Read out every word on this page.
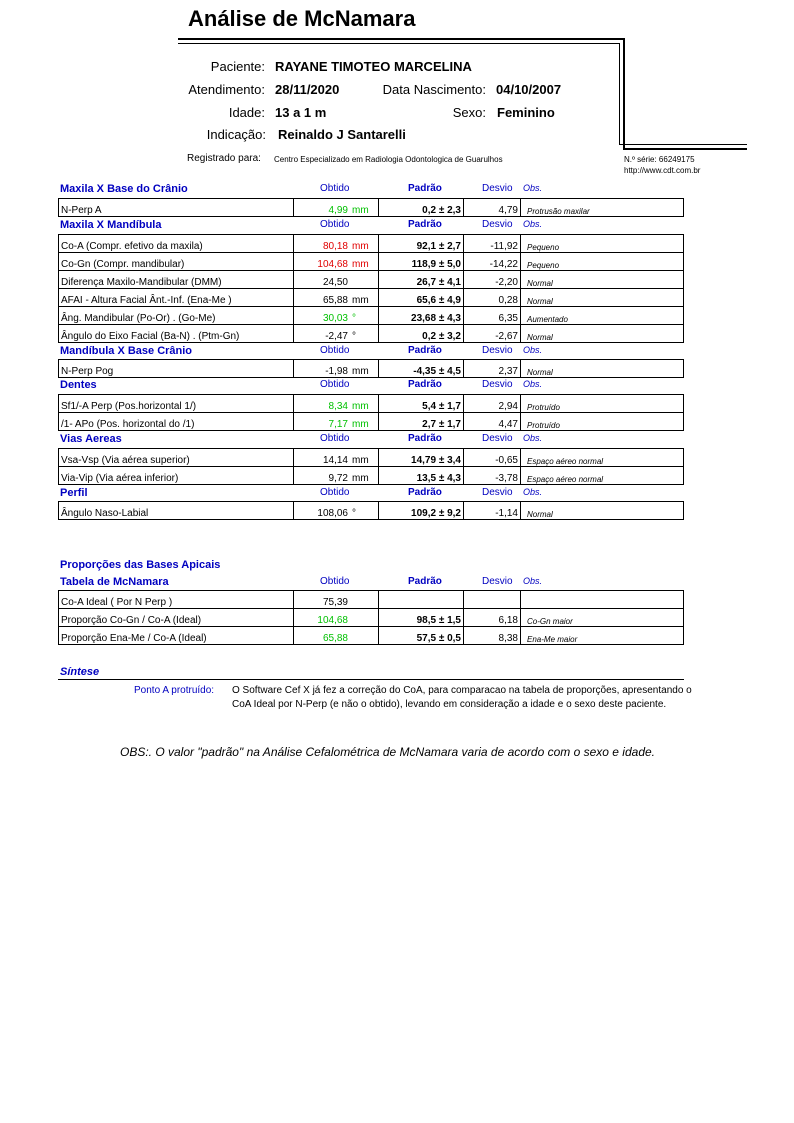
Análise de McNamara
Paciente: RAYANE TIMOTEO MARCELINA
Atendimento: 28/11/2020	Data Nascimento: 04/10/2007
Idade: 13 a 1 m	Sexo: Feminino
Indicação: Reinaldo J Santarelli
Registrado para: Centro Especializado em Radiologia Odontologica de Guarulhos	N.º série: 66249175
http://www.cdt.com.br
Maxila X Base do Crânio	Obtido	Padrão	Desvio Obs.
N-Perp A	4,99 mm	0,2 ± 2,3	4,79	Protrusão maxilar
Maxila X Mandíbula	Obtido	Padrão	Desvio Obs.
Co-A (Compr. efetivo da maxila)	80,18 mm	92,1 ± 2,7	-11,92	Pequeno
Co-Gn (Compr. mandibular)	104,68 mm	118,9 ± 5,0	-14,22	Pequeno
Diferença Maxilo-Mandibular (DMM)	24,50	26,7 ± 4,1	-2,20	Normal
AFAI - Altura Facial Ânt.-Inf. (Ena-Me )	65,88 mm	65,6 ± 4,9	0,28	Normal
Âng. Mandibular (Po-Or) . (Go-Me)	30,03 °	23,68 ± 4,3	6,35	Aumentado
Ângulo do Eixo Facial (Ba-N) . (Ptm-Gn)	-2,47 °	0,2 ± 3,2	-2,67	Normal
Mandíbula X Base Crânio	Obtido	Padrão	Desvio Obs.
N-Perp Pog	-1,98 mm	-4,35 ± 4,5	2,37	Normal
Dentes	Obtido	Padrão	Desvio Obs.
Sf1/-A Perp (Pos.horizontal 1/)	8,34 mm	5,4 ± 1,7	2,94	Protruído
/1- APo (Pos. horizontal do /1)	7,17 mm	2,7 ± 1,7	4,47	Protruído
Vias Aereas	Obtido	Padrão	Desvio Obs.
Vsa-Vsp (Via aérea superior)	14,14 mm	14,79 ± 3,4	-0,65	Espaço aéreo normal
Via-Vip (Via aérea inferior)	9,72 mm	13,5 ± 4,3	-3,78	Espaço aéreo normal
Perfil	Obtido	Padrão	Desvio Obs.
Ângulo Naso-Labial	108,06 °	109,2 ± 9,2	-1,14	Normal
Proporções das Bases Apicais
Tabela de McNamara	Obtido	Padrão	Desvio Obs.
Co-A Ideal ( Por N Perp )	75,39			
Proporção Co-Gn / Co-A (Ideal)	104,68	98,5 ± 1,5	6,18	Co-Gn maior
Proporção Ena-Me / Co-A (Ideal)	65,88	57,5 ± 0,5	8,38	Ena-Me maior
Síntese
Ponto A protruído: O Software Cef X já fez a correção do CoA, para comparacao na tabela de proporções, apresentando o CoA Ideal por N-Perp (e não o obtido), levando em consideração a idade e o sexo deste paciente.
OBS:. O valor "padrão" na Análise Cefalométrica de McNamara varia de acordo com o sexo e idade.
